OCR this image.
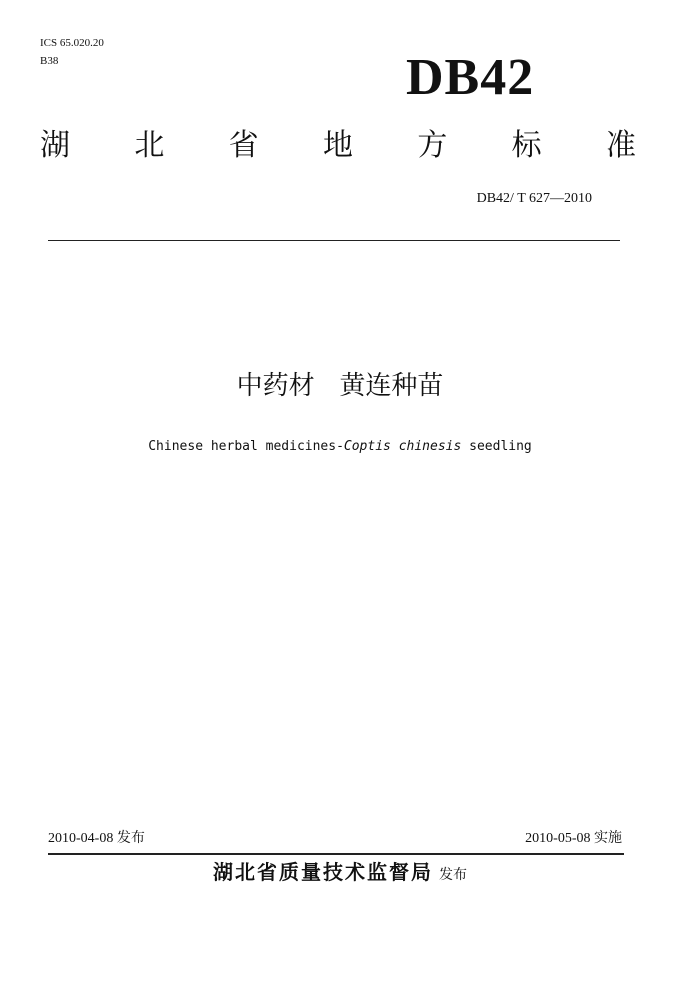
ICS 65.020.20
B38	DB42
湖 北 省 地 方 标 准
DB42/ T 627—2010
中药材   黄连种苗
Chinese herbal medicines-Coptis chinesis seedling
2010-04-08 发布	2010-05-08 实施
湖北省质量技术监督局 发布
